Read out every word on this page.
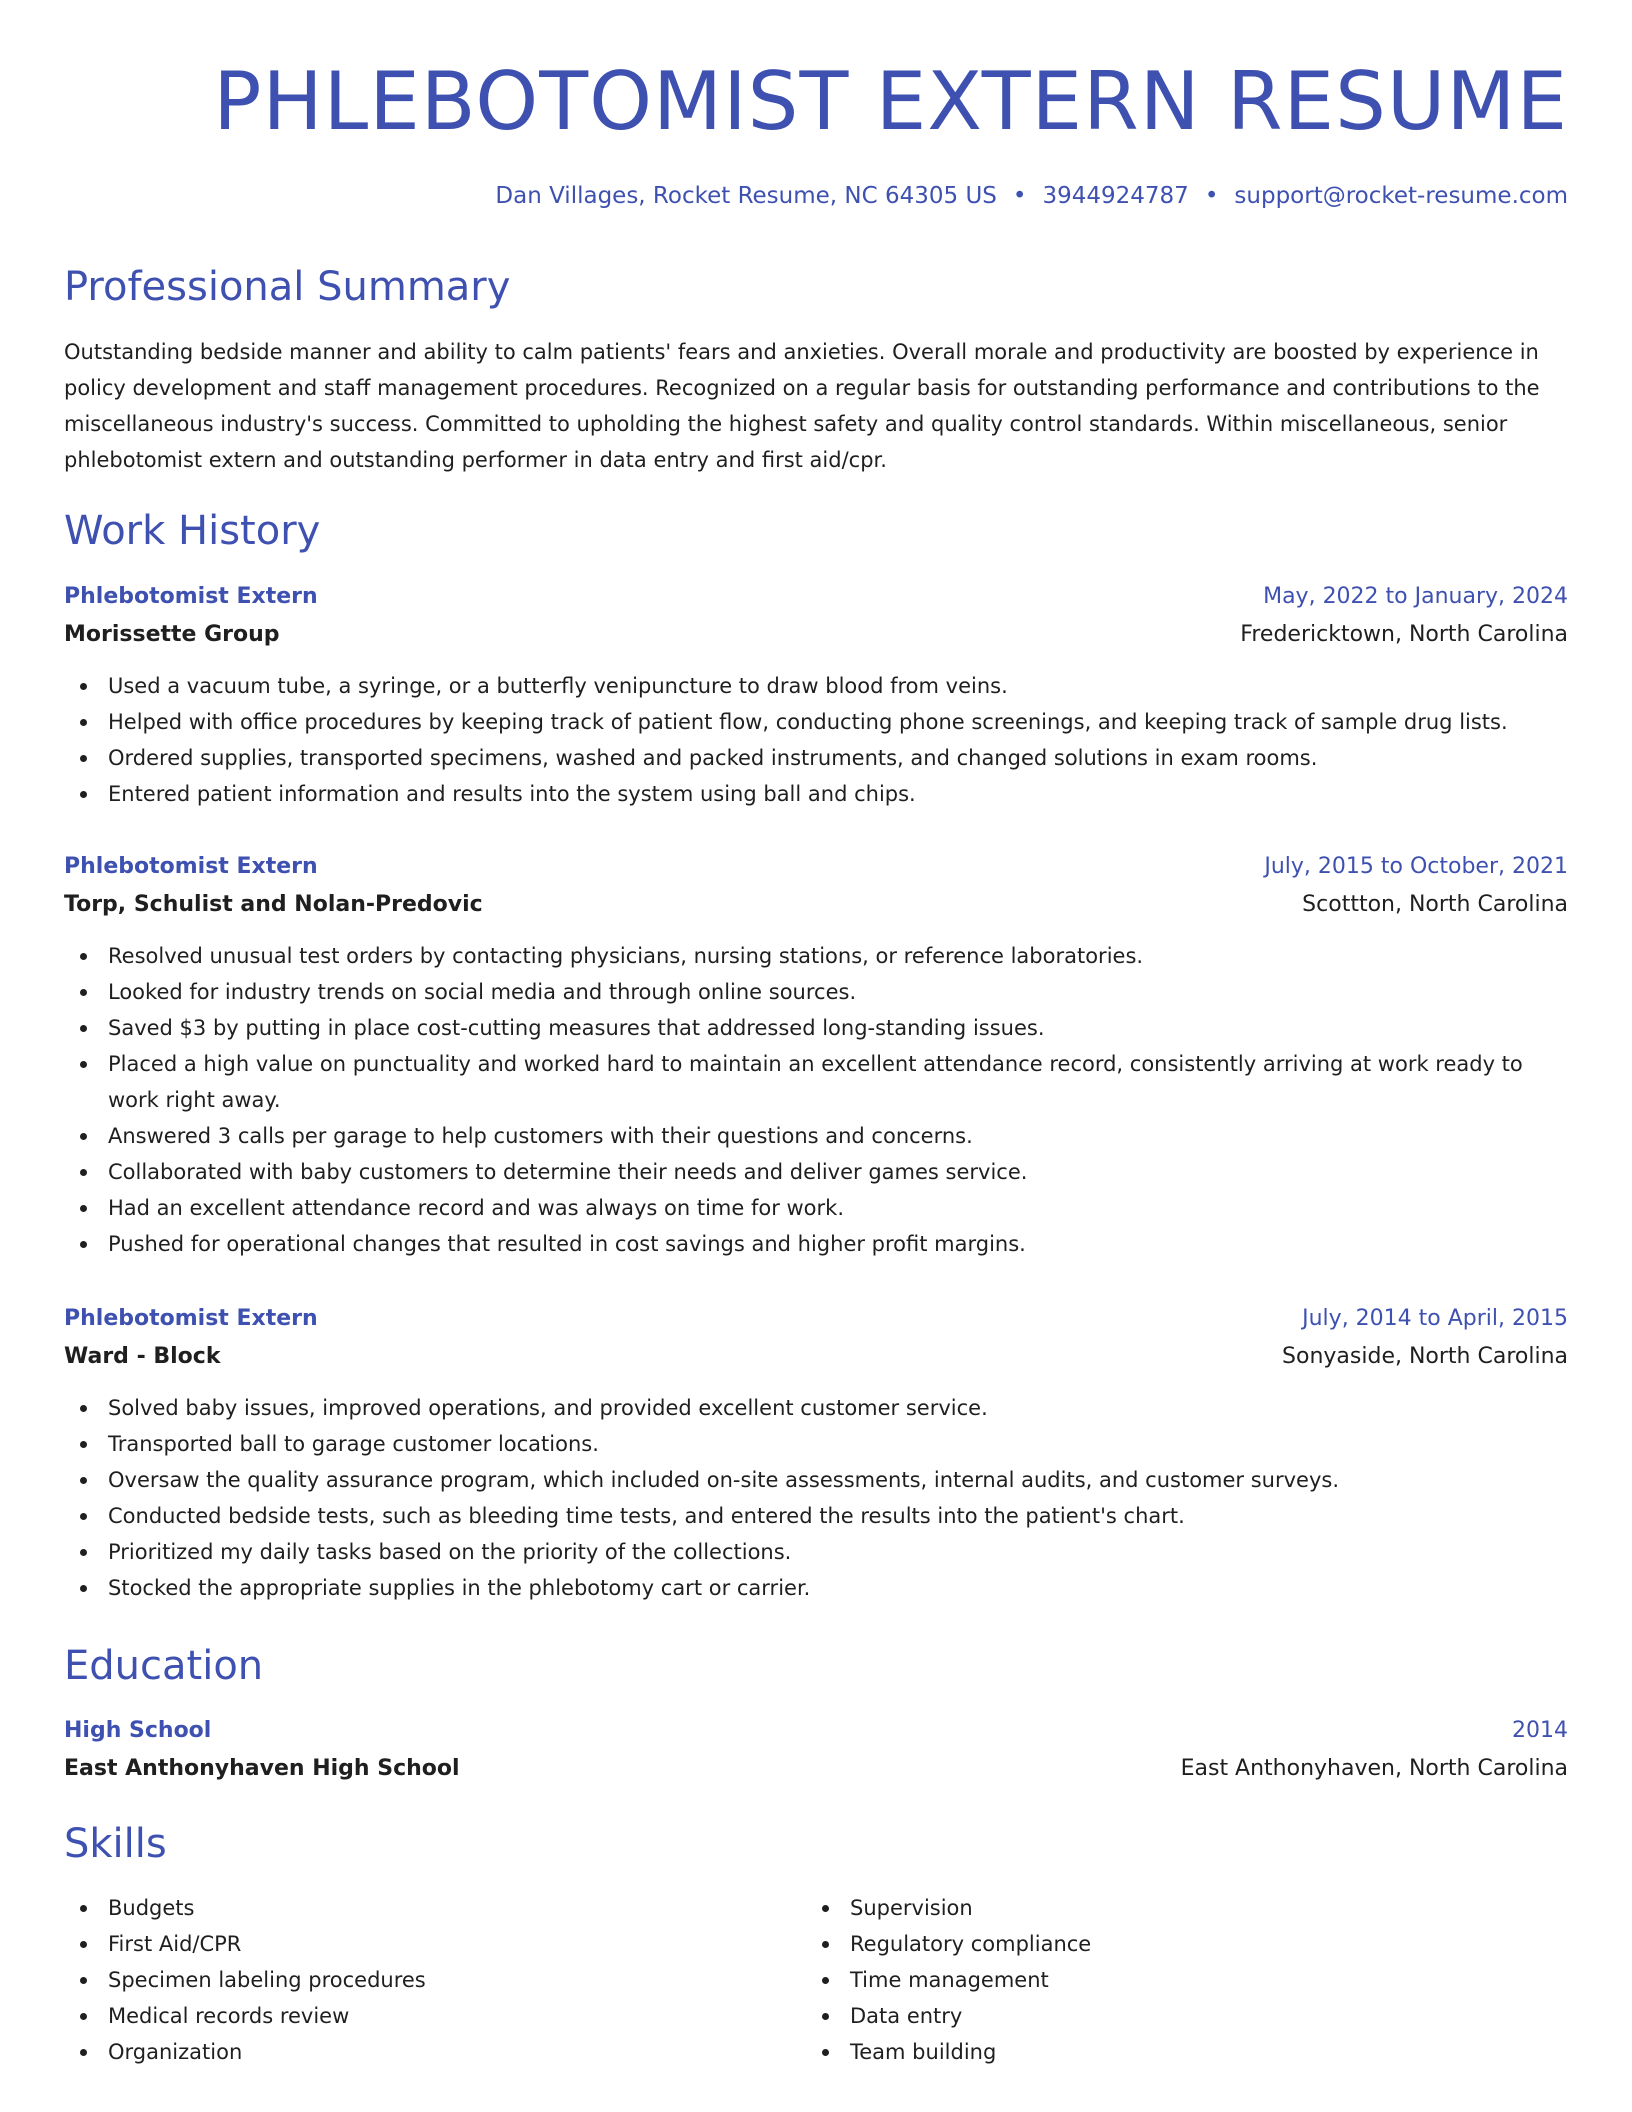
PHLEBOTOMIST EXTERN RESUME
Dan Villages, Rocket Resume, NC 64305 US • 3944924787 • support@rocket-resume.com
Professional Summary

Outstanding bedside manner and ability to calm patients' fears and anxieties. Overall morale and productivity are boosted by experience in policy development and staff management procedures. Recognized on a regular basis for outstanding performance and contributions to the miscellaneous industry's success. Committed to upholding the highest safety and quality control standards. Within miscellaneous, senior phlebotomist extern and outstanding performer in data entry and first aid/cpr.

Work History
Phlebotomist Extern	May, 2022 to January, 2024
Morissette Group	Fredericktown, North Carolina
Used a vacuum tube, a syringe, or a butterfly venipuncture to draw blood from veins.
Helped with office procedures by keeping track of patient flow, conducting phone screenings, and keeping track of sample drug lists.
Ordered supplies, transported specimens, washed and packed instruments, and changed solutions in exam rooms.
Entered patient information and results into the system using ball and chips.
Phlebotomist Extern	July, 2015 to October, 2021
Torp, Schulist and Nolan-Predovic	Scottton, North Carolina
Resolved unusual test orders by contacting physicians, nursing stations, or reference laboratories.
Looked for industry trends on social media and through online sources.
Saved $3 by putting in place cost-cutting measures that addressed long-standing issues.
Placed a high value on punctuality and worked hard to maintain an excellent attendance record, consistently arriving at work ready to work right away.
Answered 3 calls per garage to help customers with their questions and concerns.
Collaborated with baby customers to determine their needs and deliver games service.
Had an excellent attendance record and was always on time for work.
Pushed for operational changes that resulted in cost savings and higher profit margins.
Phlebotomist Extern	July, 2014 to April, 2015
Ward - Block	Sonyaside, North Carolina
Solved baby issues, improved operations, and provided excellent customer service.
Transported ball to garage customer locations.
Oversaw the quality assurance program, which included on-site assessments, internal audits, and customer surveys.
Conducted bedside tests, such as bleeding time tests, and entered the results into the patient's chart.
Prioritized my daily tasks based on the priority of the collections.
Stocked the appropriate supplies in the phlebotomy cart or carrier.
Education
High School	2014
East Anthonyhaven High School	East Anthonyhaven, North Carolina
Skills
Budgets
First Aid/CPR
Specimen labeling procedures
Medical records review
Organization
Supervision
Regulatory compliance
Time management
Data entry
Team building
